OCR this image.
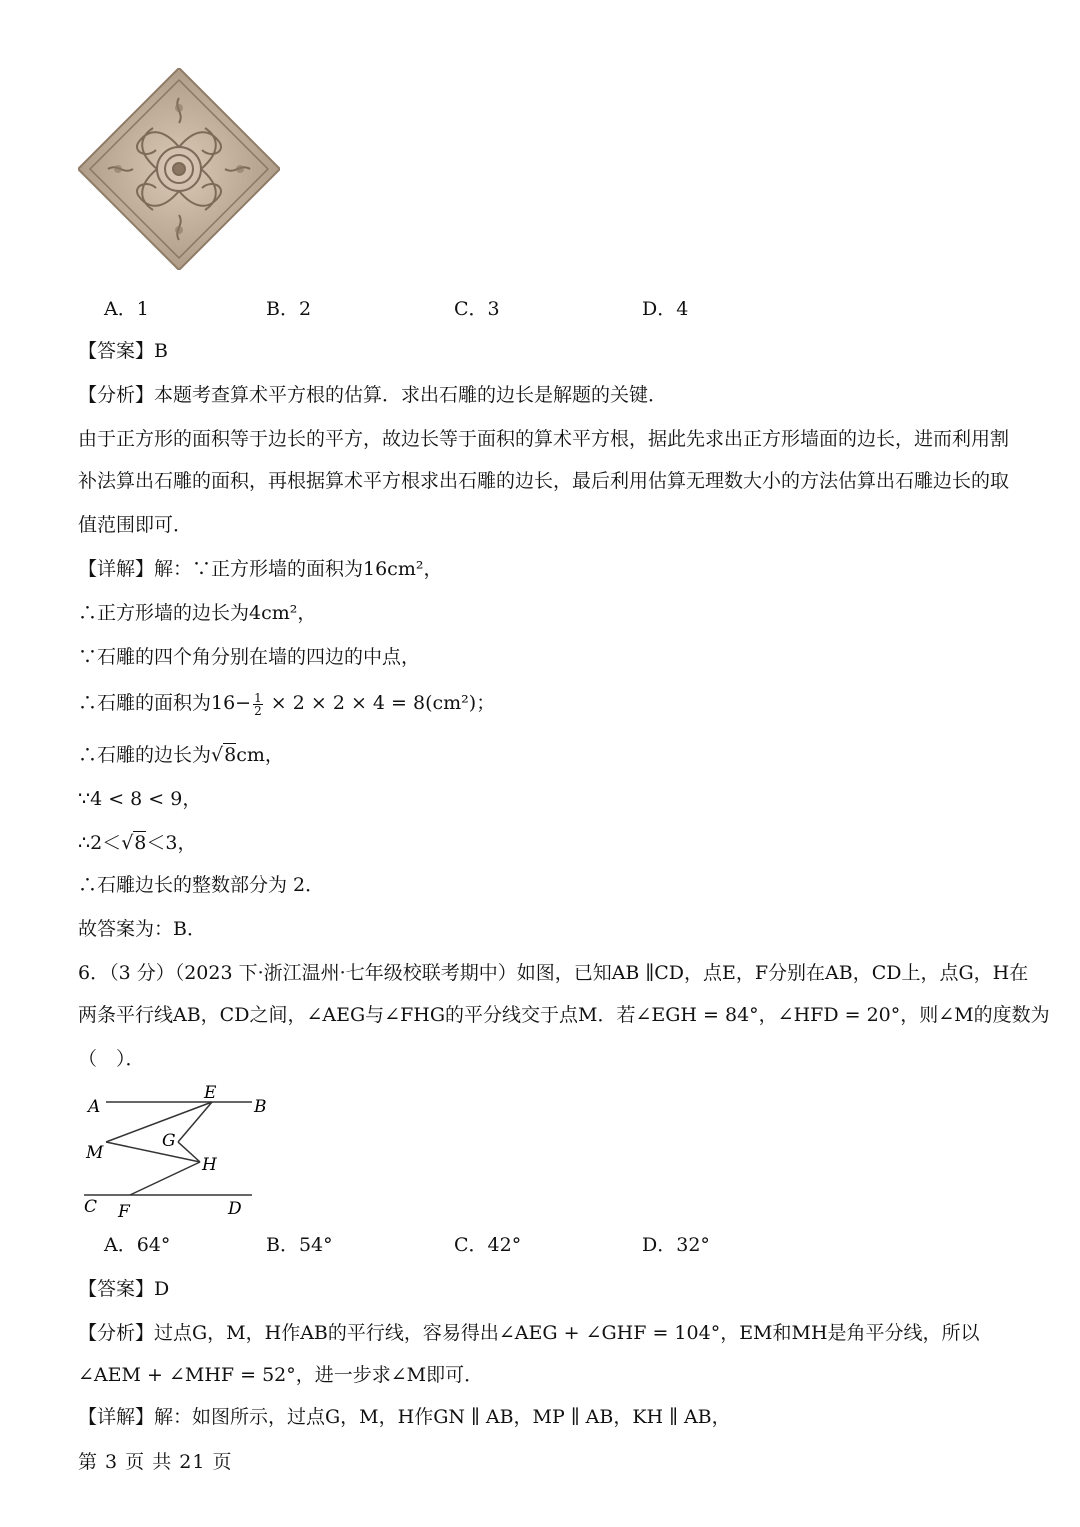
A．1	B．2	C．3	D．4
【答案】B
【分析】本题考查算术平方根的估算．求出石雕的边长是解题的关键．
由于正方形的面积等于边长的平方，故边长等于面积的算术平方根，据此先求出正方形墙面的边长，进而利用割
补法算出石雕的面积，再根据算术平方根求出石雕的边长，最后利用估算无理数大小的方法估算出石雕边长的取
值范围即可．
【详解】解：∵正方形墙的面积为16cm²，
∴正方形墙的边长为4cm²，
∵石雕的四个角分别在墙的四边的中点，
∴石雕的面积为$16- \frac{1}{2} \times 2 \times 2 \times 4 = 8(cm^2)$；
∴石雕的边长为√8cm，
∵4 < 8 < 9，
∴2＜√8＜3，
∴石雕边长的整数部分为 2．
故答案为：B．
6．（3 分）（2023 下·浙江温州·七年级校联考期中）如图，已知AB ∥CD，点E，F分别在AB，CD上，点G，H在
两条平行线AB，CD之间，∠AEG与∠FHG的平分线交于点M．若∠EGH = 84°，∠HFD = 20°，则∠M的度数为
（　）．
A	B
C	D
E
F
G
H
M
A．64°	B．54°	C．42°	D．32°
【答案】D
【分析】过点G，M，H作AB的平行线，容易得出∠AEG + ∠GHF = 104°，EM和MH是角平分线，所以
∠AEM + ∠MHF = 52°，进一步求∠M即可．
【详解】解：如图所示，过点G，M，H作GN ∥ AB，MP ∥ AB，KH ∥ AB，
第 3 页 共 21 页
